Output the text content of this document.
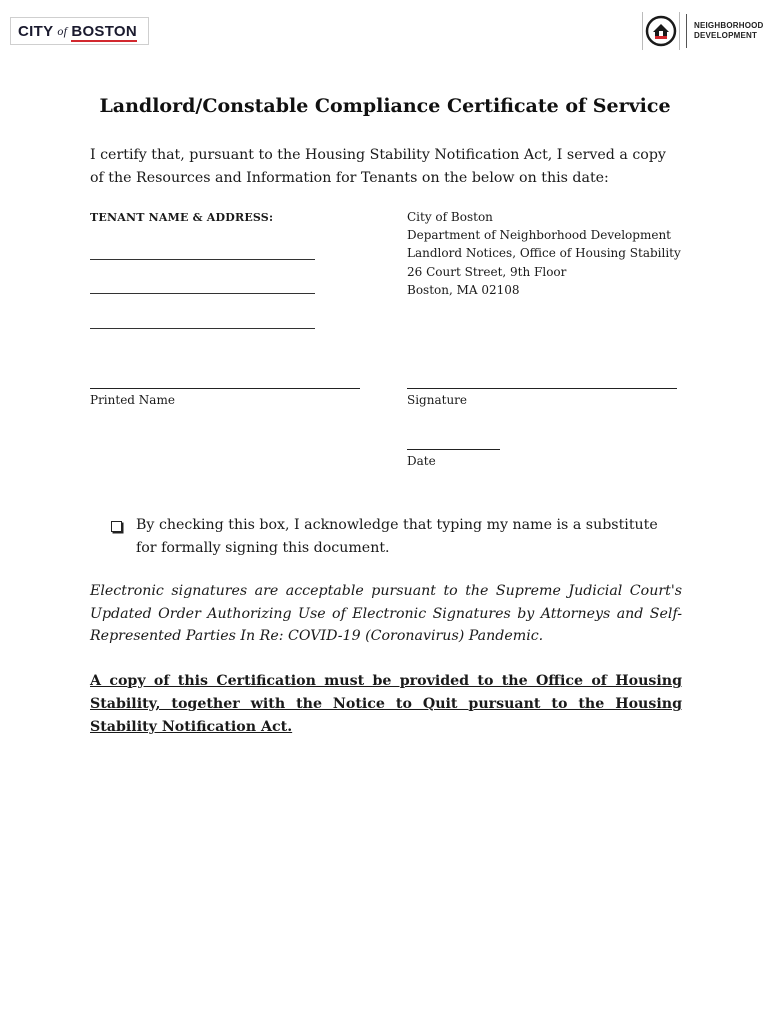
CITY of BOSTON	NEIGHBORHOOD
DEVELOPMENT
Landlord/Constable Compliance Certificate of Service
I certify that, pursuant to the Housing Stability Notification Act, I served a copy of the Resources and Information for Tenants on the below on this date:
TENANT NAME & ADDRESS:	City of Boston
Department of Neighborhood Development
Landlord Notices, Office of Housing Stability
26 Court Street, 9th Floor
Boston, MA 02108
Printed Name	Signature
Date
By checking this box, I acknowledge that typing my name is a substitute for formally signing this document.
Electronic signatures are acceptable pursuant to the Supreme Judicial Court's Updated Order Authorizing Use of Electronic Signatures by Attorneys and Self-Represented Parties In Re: COVID-19 (Coronavirus) Pandemic.
A copy of this Certification must be provided to the Office of Housing Stability, together with the Notice to Quit pursuant to the Housing Stability Notification Act.
